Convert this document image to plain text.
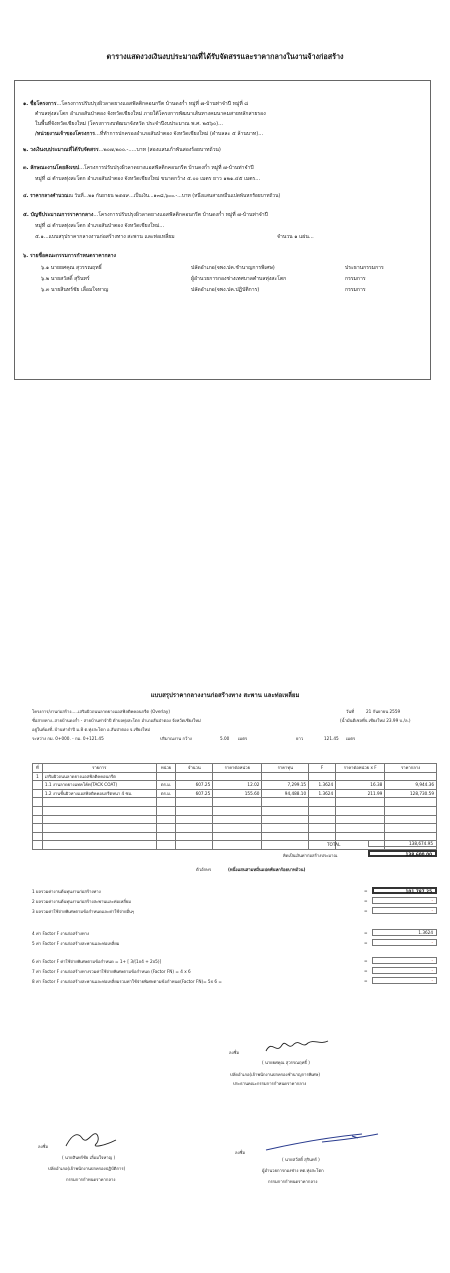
ตารางแสดงวงเงินงบประมาณที่ได้รับจัดสรรและราคากลางในงานจ้างก่อสร้าง
๑. ชื่อโครงการ...โครงการปรับปรุงผิวลาดยางแอสฟัลติกคอนกรีต บ้านดงก๋ำ หมู่ที่ ๗-บ้านท่าจำปี หมู่ที่ ๘
ตำบลทุ่งสะโตก อำเภอสันป่าตอง จังหวัดเชียงใหม่ ภายใต้โครงการพัฒนาเส้นทางคมนาคมสายหลักสายรอง
ในพื้นที่จังหวัดเชียงใหม่ (โครงการงบพัฒนาจังหวัด ประจำปีงบประมาณ พ.ศ. ๒๕๖๐)...
/หน่วยงานเจ้าของโครงการ...ที่ทำการปกครองอำเภอสันป่าตอง จังหวัดเชียงใหม่ (ดำบลละ ๕ ล้านบาท)...
๒. วงเงินงบประมาณที่ได้รับจัดสรร...๒๐๗,๒๐๐.-.....บาท (สองแสนเก้าพันสองร้อยบาทถ้วน)
๓. ลักษณะงานโดยสังเขป...โครงการปรับปรุงผิวลาดยางแอสฟัลติกคอนกรีต บ้านดงก๋ำ หมู่ที่ ๗-บ้านท่าจำปี
หมู่ที่ ๘ ตำบลทุ่งสะโตก อำเภอสันป่าตอง จังหวัดเชียงใหม่ ขนาดกว้าง ๕.๐๐ เมตร ยาว ๑๒๑.๔๕ เมตร...
๔. ราคากลางคำนวณณ วันที่...๒๑ กันยายน ๒๕๕๙...เป็นเงิน...๑๓๘,๖๐๐.-...บาท (หนึ่งแสนสามหมื่นแปดพันหกร้อยบาทถ้วน)
๕. บัญชีประมาณการราคากลาง...โครงการปรับปรุงผิวลาดยางแอสฟัลติกคอนกรีต บ้านดงก๋ำ หมู่ที่ ๗-บ้านท่าจำปี
หมู่ที่ ๘ ตำบลทุ่งสะโตก อำเภอสันป่าตอง จังหวัดเชียงใหม่...
๕.๑...แบบสรุปราคากลางงานก่อสร้างทาง สะพาน และท่อเหลี่ยม	จำนวน ๑ แผ่น...
๖. รายชื่อคณะกรรมการกำหนดราคากลาง
๖.๑ นายยศคุณ สุวรรณฤทธิ์	ปลัดอำเภอ(จพง.ปค.ชำนาญการพิเศษ)	ประธานกรรมการ
๖.๒ นายสวัสดิ์ สุรินทร์	ผู้อำนวยการกองช่างเทศบาลตำบลทุ่งสะโตก	กรรมการ
๖.๓ นายสินทร์ชัย เลื่อมใจหาญ	ปลัดอำเภอ(จพง.ปค.ปฏิบัติการ)	กรรมการ
แบบสรุปราคากลางงานก่อสร้างทาง สะพาน และท่อเหลี่ยม
โครงการ/งานก่อสร้าง.....เสริมผิวถนนลาดยางแอสฟัลติคคอนกรีต (Overlay)	วันที่	21 กันยายน 2559
ชื่อสายทาง..สายบ้านดงก๋ำ - สายบ้านท่าจำปี ตำบลทุ่งสะโตก อำเภอสันป่าตอง จังหวัดเชียงใหม่	(น้ำมันดีเซลที่จ.เชียงใหม่ 23.99 บ./ล.)
อยู่ในท้องที่..บ้านท่าจำปี ม.8 ต.ทุ่งสะโตก อ.สันป่าตอง จ.เชียงใหม่
ระหว่าง กม. 0+000. - กม. 0+121.45	ปริมาณงาน กว้าง	5.00 เมตร	ยาว	121.45 เมตร
ที่	รายการ	หน่วย	จำนวน	ราคาต่อหน่วย	ราคาทุน	F	ราคาต่อหน่วย x F	ราคากลาง
1	เสริมผิวถนนลาดยางแอสฟัลติคคอนกรีต							
	1.1 งานลาดยางแทคโค้ท(TACK COAT)	ตร.ม.	607.25	12.02	7,299.15	1.3624	16.38	9,944.36
	1.2 งานชั้นผิวทางแอสฟัลติคคอนกรีตหนา 4 ซม.	ตร.ม.	607.25	155.60	94,488.10	1.3624	211.99	128,730.59

TOTAL	138,674.95
คิดเป็นเงินค่าก่อสร้างประมาณ	138,600.00
ตัวอักษร	(หนึ่งแสนสามหมื่นแปดพันหกร้อยบาทถ้วน)
1 ผลรวมค่างานต้นทุนงานก่อสร้างทาง	=	101,787.25
2 ผลรวมค่างานต้นทุนงานก่อสร้างสะพานและท่อเหลี่ยม	=	-
3 ผลรวมค่าใช้จ่ายพิเศษตามข้อกำหนดและค่าใช้จ่ายอื่นๆ	=	-
4 ค่า Factor F งานก่อสร้างทาง	=	1.3624
5 ค่า Factor F งานก่อสร้างสะพานและท่อเหลี่ยม	=	-
6 ค่า Factor F ค่าใช้จ่ายพิเศษตามข้อกำหนด = 1+ [ 3/(1x4 + 2x5)]	=	-
7 ค่า Factor F งานก่อสร้างทางรวมค่าใช้จ่ายพิเศษตามข้อกำหนด (Factor FN) = 4 x 6	=	-
8 ค่า Factor F งานก่อสร้างสะพานและท่อเหลี่ยมรวมค่าใช้จ่ายพิเศษตามข้อกำหนด(Factor FN)= 5x 6 =	=	-
ลงชื่อ
( นายยศคุณ สุวรรณฤทธิ์ )
ปลัดอำเภอ(เจ้าพนักงานปกครองชำนาญการพิเศษ)
ประธานคณะกรรมการกำหนดราคากลาง
ลงชื่อ
( นายสินทร์ชัย เลื่อมใจหาญ )
ปลัดอำเภอ(เจ้าพนักงานปกครองปฏิบัติการ)
กรรมการกำหนดราคากลาง
ลงชื่อ
( นายสวัสดิ์ สุรินทร์ )
ผู้อำนวยการกองช่าง ทต.ทุ่งสะโตก
กรรมการกำหนดราคากลาง
